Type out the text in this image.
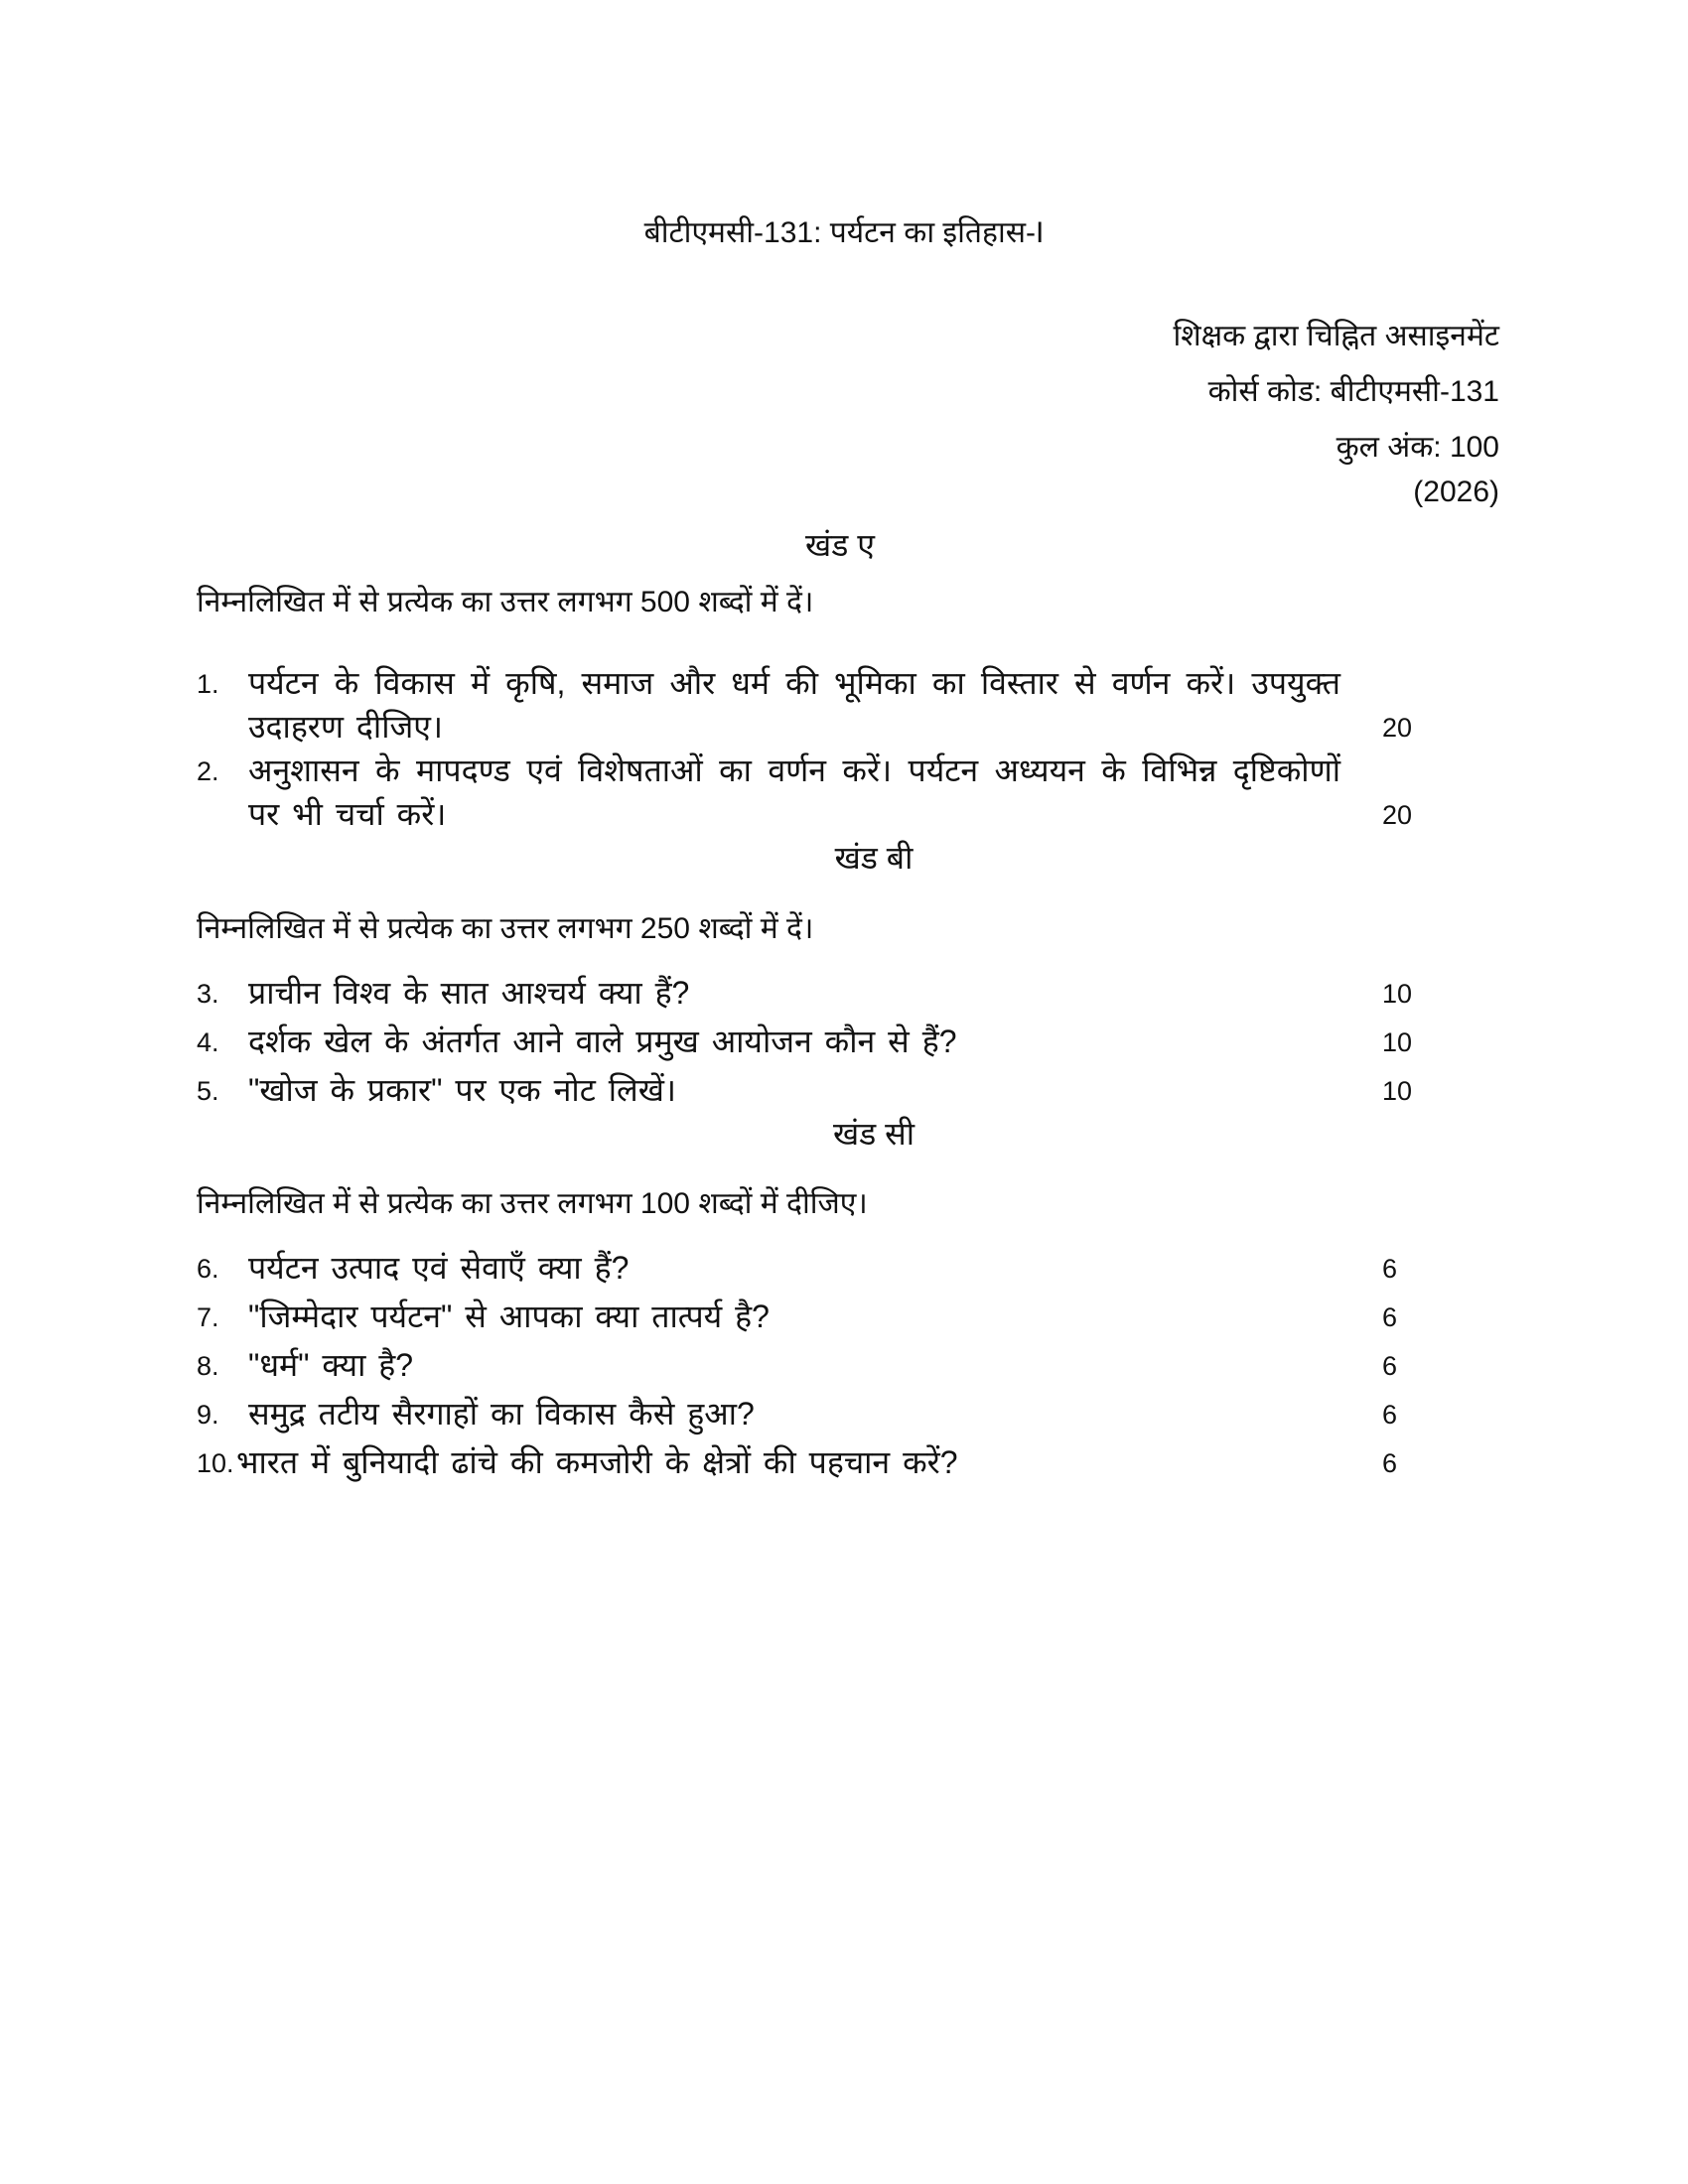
बीटीएमसी-131: पर्यटन का इतिहास-I
शिक्षक द्वारा चिह्नित असाइनमेंट
कोर्स कोड: बीटीएमसी-131
कुल अंक: 100
(2026)
खंड ए
निम्नलिखित में से प्रत्येक का उत्तर लगभग 500 शब्दों में दें।
1. पर्यटन के विकास में कृषि, समाज और धर्म की भूमिका का विस्तार से वर्णन करें। उपयुक्त उदाहरण दीजिए।	20
2. अनुशासन के मापदण्ड एवं विशेषताओं का वर्णन करें। पर्यटन अध्ययन के विभिन्न दृष्टिकोणों पर भी चर्चा करें।	20
खंड बी
निम्नलिखित में से प्रत्येक का उत्तर लगभग 250 शब्दों में दें।
3. प्राचीन विश्व के सात आश्चर्य क्या हैं?	10
4. दर्शक खेल के अंतर्गत आने वाले प्रमुख आयोजन कौन से हैं?	10
5. "खोज के प्रकार" पर एक नोट लिखें।	10
खंड सी
निम्नलिखित में से प्रत्येक का उत्तर लगभग 100 शब्दों में दीजिए।
6. पर्यटन उत्पाद एवं सेवाएँ क्या हैं?	6
7. "जिम्मेदार पर्यटन" से आपका क्या तात्पर्य है?	6
8. "धर्म" क्या है?	6
9. समुद्र तटीय सैरगाहों का विकास कैसे हुआ?	6
10. भारत में बुनियादी ढांचे की कमजोरी के क्षेत्रों की पहचान करें?	6
